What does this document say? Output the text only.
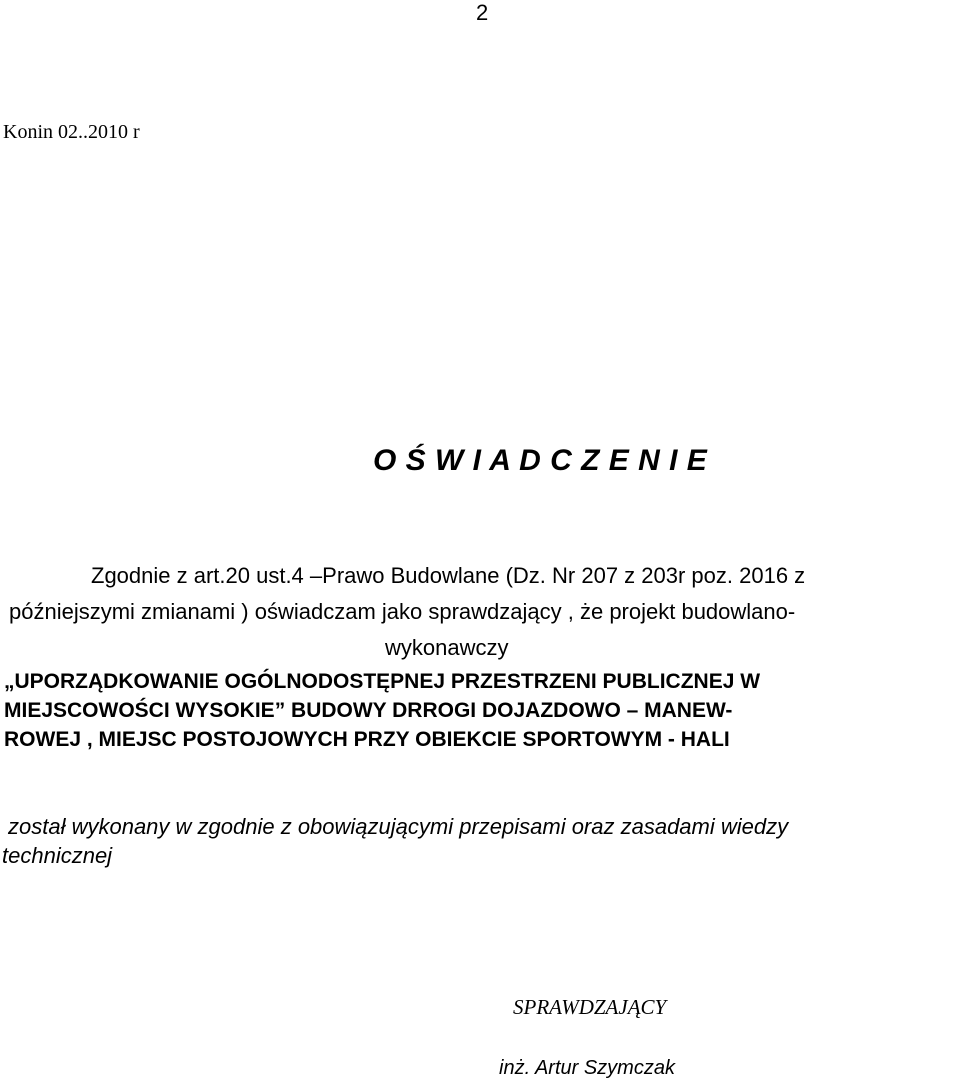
2
Konin 02..2010 r
O Ś W I A D C Z E N I E
Zgodnie z art.20 ust.4 –Prawo Budowlane (Dz. Nr 207 z 203r poz. 2016 z
późniejszymi zmianami ) oświadczam jako sprawdzający , że projekt budowlano-
wykonawczy
„UPORZĄDKOWANIE OGÓLNODOSTĘPNEJ PRZESTRZENI PUBLICZNEJ W
MIEJSCOWOŚCI WYSOKIE” BUDOWY DRROGI DOJAZDOWO – MANEW-
ROWEJ , MIEJSC POSTOJOWYCH PRZY OBIEKCIE SPORTOWYM - HALI
został wykonany w zgodnie z obowiązującymi przepisami oraz zasadami wiedzy
technicznej
SPRAWDZAJĄCY
inż. Artur Szymczak
